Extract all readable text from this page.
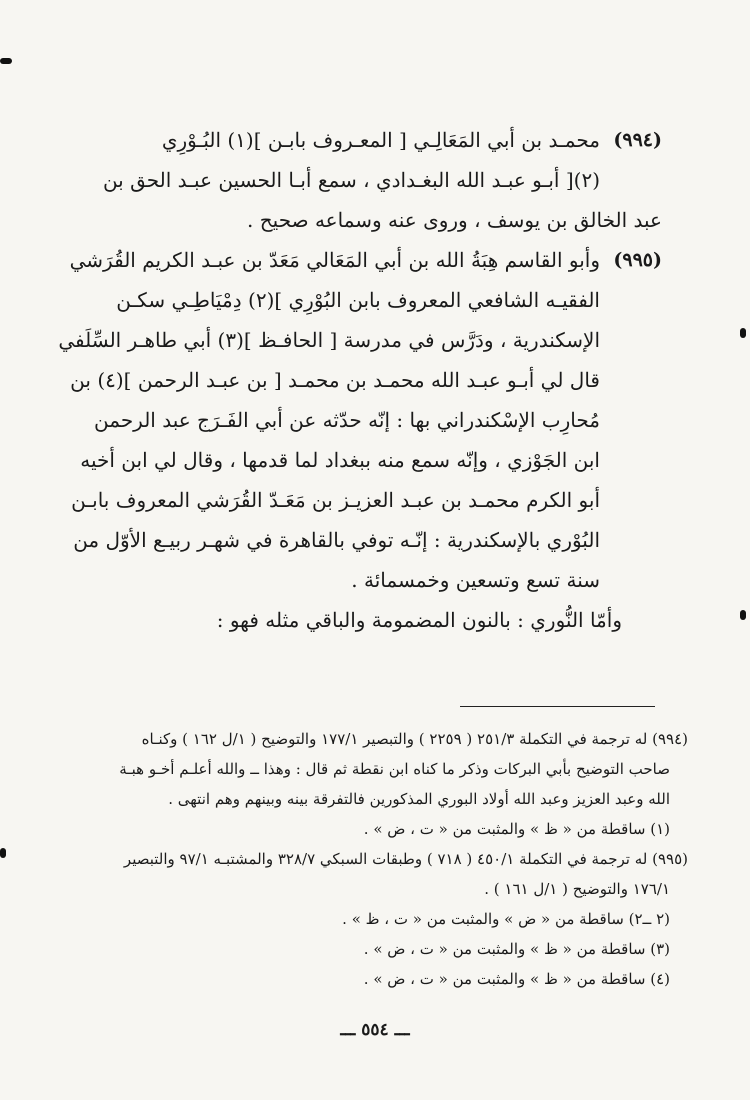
(٩٩٤)
محمـد بن أبي المَعَالِـي [ المعـروف بابـن ](١) البُـوْرِي
(٢)[ أبـو عبـد الله البغـدادي ، سمع أبـا الحسين عبـد الحق بن
عبد الخالق بن يوسف ، وروى عنه وسماعه صحيح .
(٩٩٥)
وأبو القاسم هِبَةُ الله بن أبي المَعَالي مَعَدّ بن عبـد الكريم القُرَشي
الفقيـه الشافعي المعروف بابن البُوْرِي ](٢) دِمْيَاطِـي سكـن
الإسكندرية ، ودَرَّس في مدرسة [ الحافـظ ](٣) أبي طاهـر السِّلَفي
قال لي أبـو عبـد الله محمـد بن محمـد [ بن عبـد الرحمن ](٤) بن
مُحارِب الإسْكندراني بها : إنّه حدّثه عن أبي الفَـرَج عبد الرحمن
ابن الجَوْزي ، وإنّه سمع منه ببغداد لما قدمها ، وقال لي ابن أخيه
أبو الكرم محمـد بن عبـد العزيـز بن مَعَـدّ القُرَشي المعروف بابـن
البُوْري بالإسكندرية : إنّـه توفي بالقاهرة في شهـر ربيـع الأوّل من
سنة تسع وتسعين وخمسمائة .
وأمّا النُّوري : بالنون المضمومة والباقي مثله فهو :
(٩٩٤) له ترجمة في التكملة ٢٥١/٣ ( ٢٢٥٩ ) والتبصير ١٧٧/١ والتوضيح ( ١/ل ١٦٢ ) وكنـاه
صاحب التوضيح بأبي البركات وذكر ما كناه ابن نقطة ثم قال : وهذا ــ والله أعلـم أخـو هبـة
الله وعبد العزيز وعبد الله أولاد البوري المذكورين فالتفرقة بينه وبينهم وهم انتهى .
(١) ساقطة من « ظ » والمثبت من « ت ، ض » .
(٩٩٥) له ترجمة في التكملة ٤٥٠/١ ( ٧١٨ ) وطبقات السبكي ٣٢٨/٧ والمشتبـه ٩٧/١ والتبصير
١٧٦/١ والتوضيح ( ١/ل ١٦١ ) .
(٢ ــ٢) ساقطة من « ض » والمثبت من « ت ، ظ » .
(٣) ساقطة من « ظ » والمثبت من « ت ، ض » .
(٤) ساقطة من « ظ » والمثبت من « ت ، ض » .
ـــ ٥٥٤ ـــ
